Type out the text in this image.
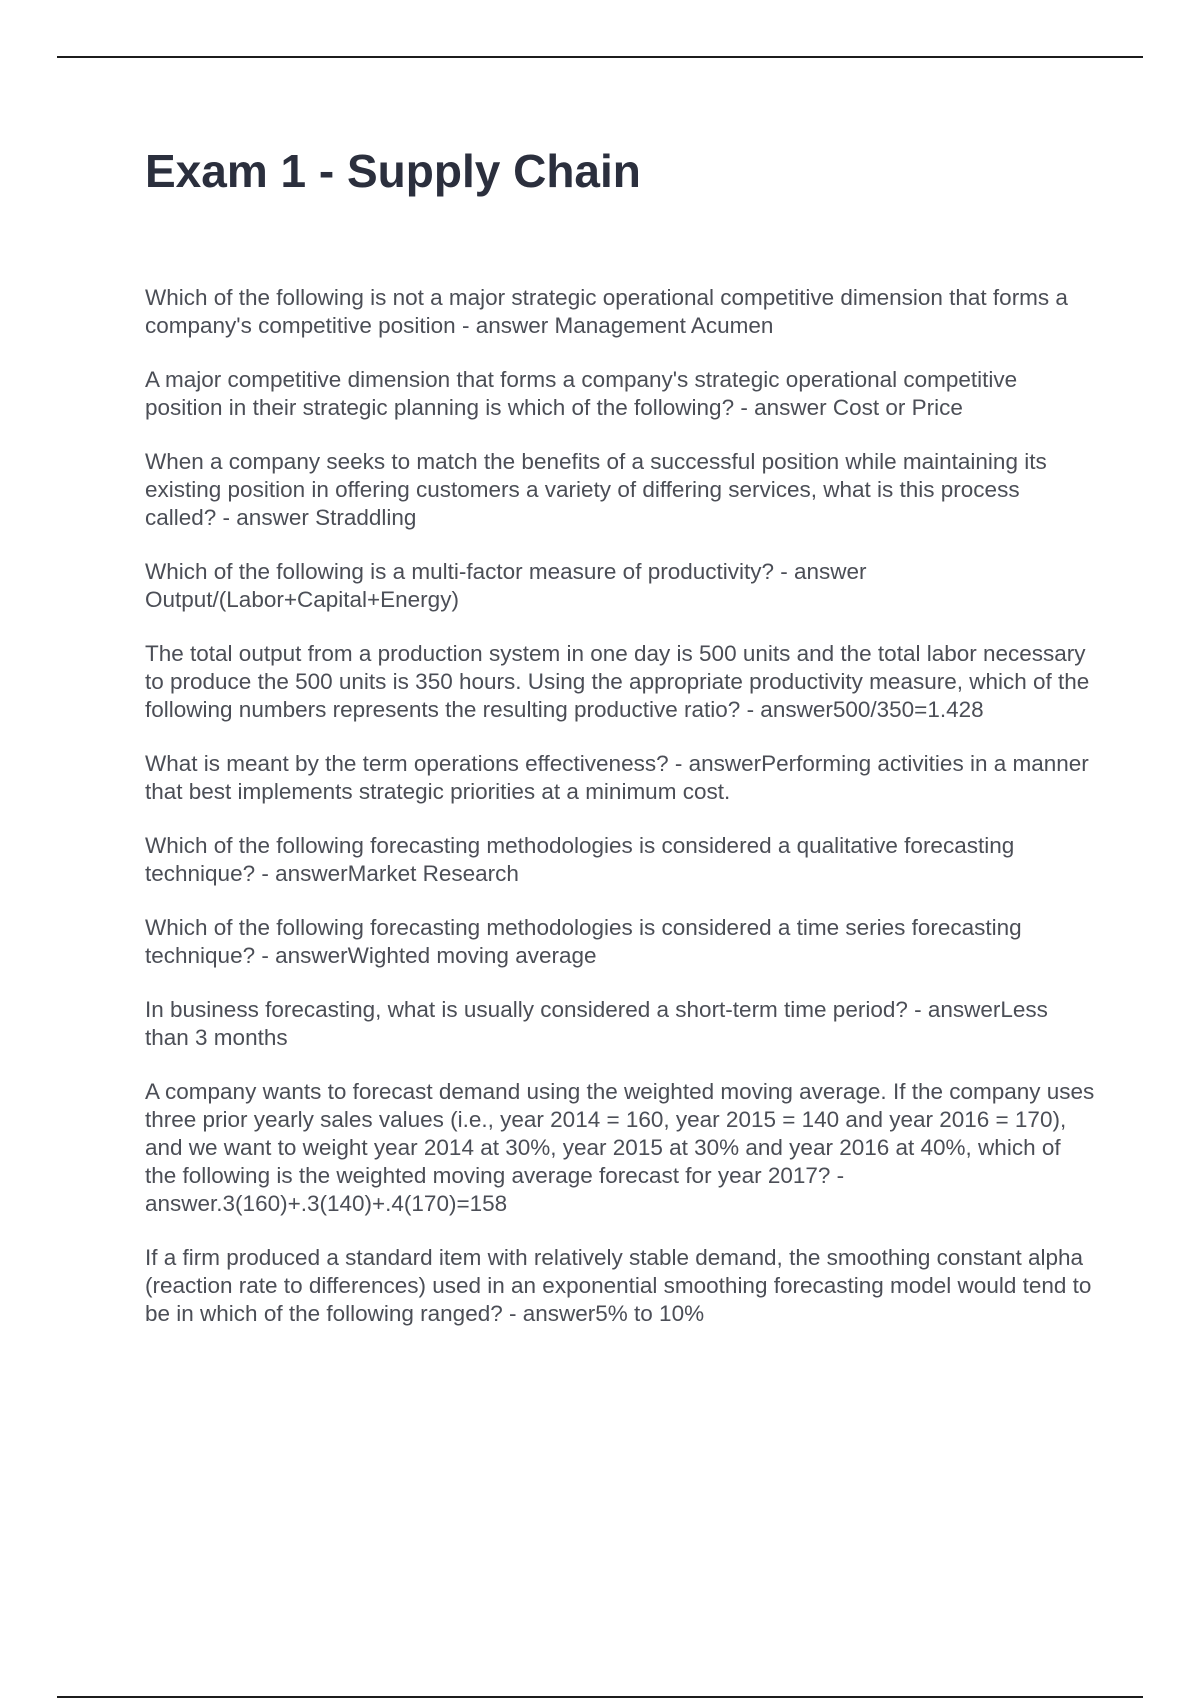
Exam 1 - Supply Chain

Which of the following is not a major strategic operational competitive dimension that forms a company's competitive position - answer Management Acumen

A major competitive dimension that forms a company's strategic operational competitive position in their strategic planning is which of the following? - answer Cost or Price

When a company seeks to match the benefits of a successful position while maintaining its existing position in offering customers a variety of differing services, what is this process called? - answer Straddling

Which of the following is a multi-factor measure of productivity? - answer Output/(Labor+Capital+Energy)

The total output from a production system in one day is 500 units and the total labor necessary to produce the 500 units is 350 hours. Using the appropriate productivity measure, which of the following numbers represents the resulting productive ratio? - answer500/350=1.428

What is meant by the term operations effectiveness? - answerPerforming activities in a manner that best implements strategic priorities at a minimum cost.

Which of the following forecasting methodologies is considered a qualitative forecasting technique? - answerMarket Research

Which of the following forecasting methodologies is considered a time series forecasting technique? - answerWighted moving average

In business forecasting, what is usually considered a short-term time period? - answerLess than 3 months

A company wants to forecast demand using the weighted moving average. If the company uses three prior yearly sales values (i.e., year 2014 = 160, year 2015 = 140 and year 2016 = 170), and we want to weight year 2014 at 30%, year 2015 at 30% and year 2016 at 40%, which of the following is the weighted moving average forecast for year 2017? - answer.3(160)+.3(140)+.4(170)=158

If a firm produced a standard item with relatively stable demand, the smoothing constant alpha (reaction rate to differences) used in an exponential smoothing forecasting model would tend to be in which of the following ranged? - answer5% to 10%
